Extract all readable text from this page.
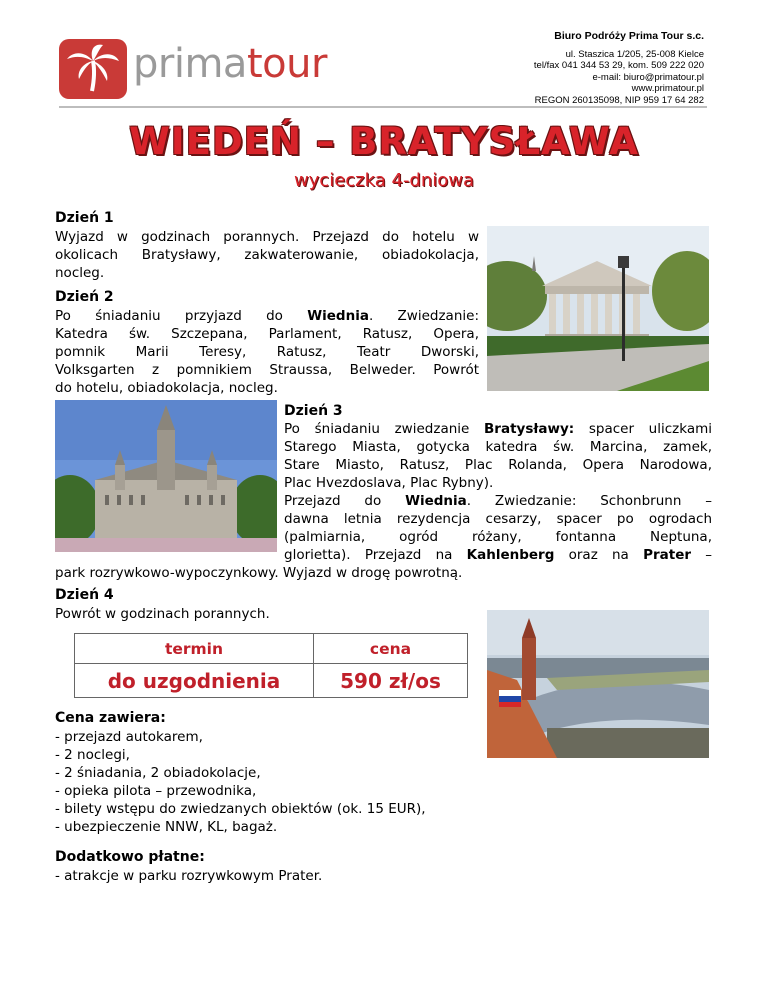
primatour
Biuro Podróży Prima Tour s.c.
ul. Staszica 1/205, 25-008 Kielce
tel/fax 041 344 53 29, kom. 509 222 020
e-mail: biuro@primatour.pl
www.primatour.pl
REGON 260135098, NIP 959 17 64 282
WIEDEŃ – BRATYSŁAWA
wycieczka 4-dniowa
Dzień 1
Wyjazd w godzinach porannych. Przejazd do hotelu w
okolicach Bratysławy, zakwaterowanie, obiadokolacja,
nocleg.
Dzień 2
Po śniadaniu przyjazd do Wiednia. Zwiedzanie:
Katedra św. Szczepana, Parlament, Ratusz, Opera,
pomnik Marii Teresy, Ratusz, Teatr Dworski,
Volksgarten z pomnikiem Straussa, Belweder. Powrót
do hotelu, obiadokolacja, nocleg.
Dzień 3
Po śniadaniu zwiedzanie Bratysławy: spacer uliczkami
Starego Miasta, gotycka katedra św. Marcina, zamek,
Stare Miasto, Ratusz, Plac Rolanda, Opera Narodowa,
Plac Hvezdoslava, Plac Rybny).
Przejazd do Wiednia. Zwiedzanie: Schonbrunn –
dawna letnia rezydencja cesarzy, spacer po ogrodach
(palmiarnia, ogród różany, fontanna Neptuna,
glorietta). Przejazd na Kahlenberg oraz na Prater –
park rozrywkowo-wypoczynkowy. Wyjazd w drogę powrotną.
Dzień 4
Powrót w godzinach porannych.
termin	cena
do uzgodnienia	590 zł/os
Cena zawiera:
- przejazd autokarem,
- 2 noclegi,
- 2 śniadania, 2 obiadokolacje,
- opieka pilota – przewodnika,
- bilety wstępu do zwiedzanych obiektów (ok. 15 EUR),
- ubezpieczenie NNW, KL, bagaż.
Dodatkowo płatne:
- atrakcje w parku rozrywkowym Prater.
